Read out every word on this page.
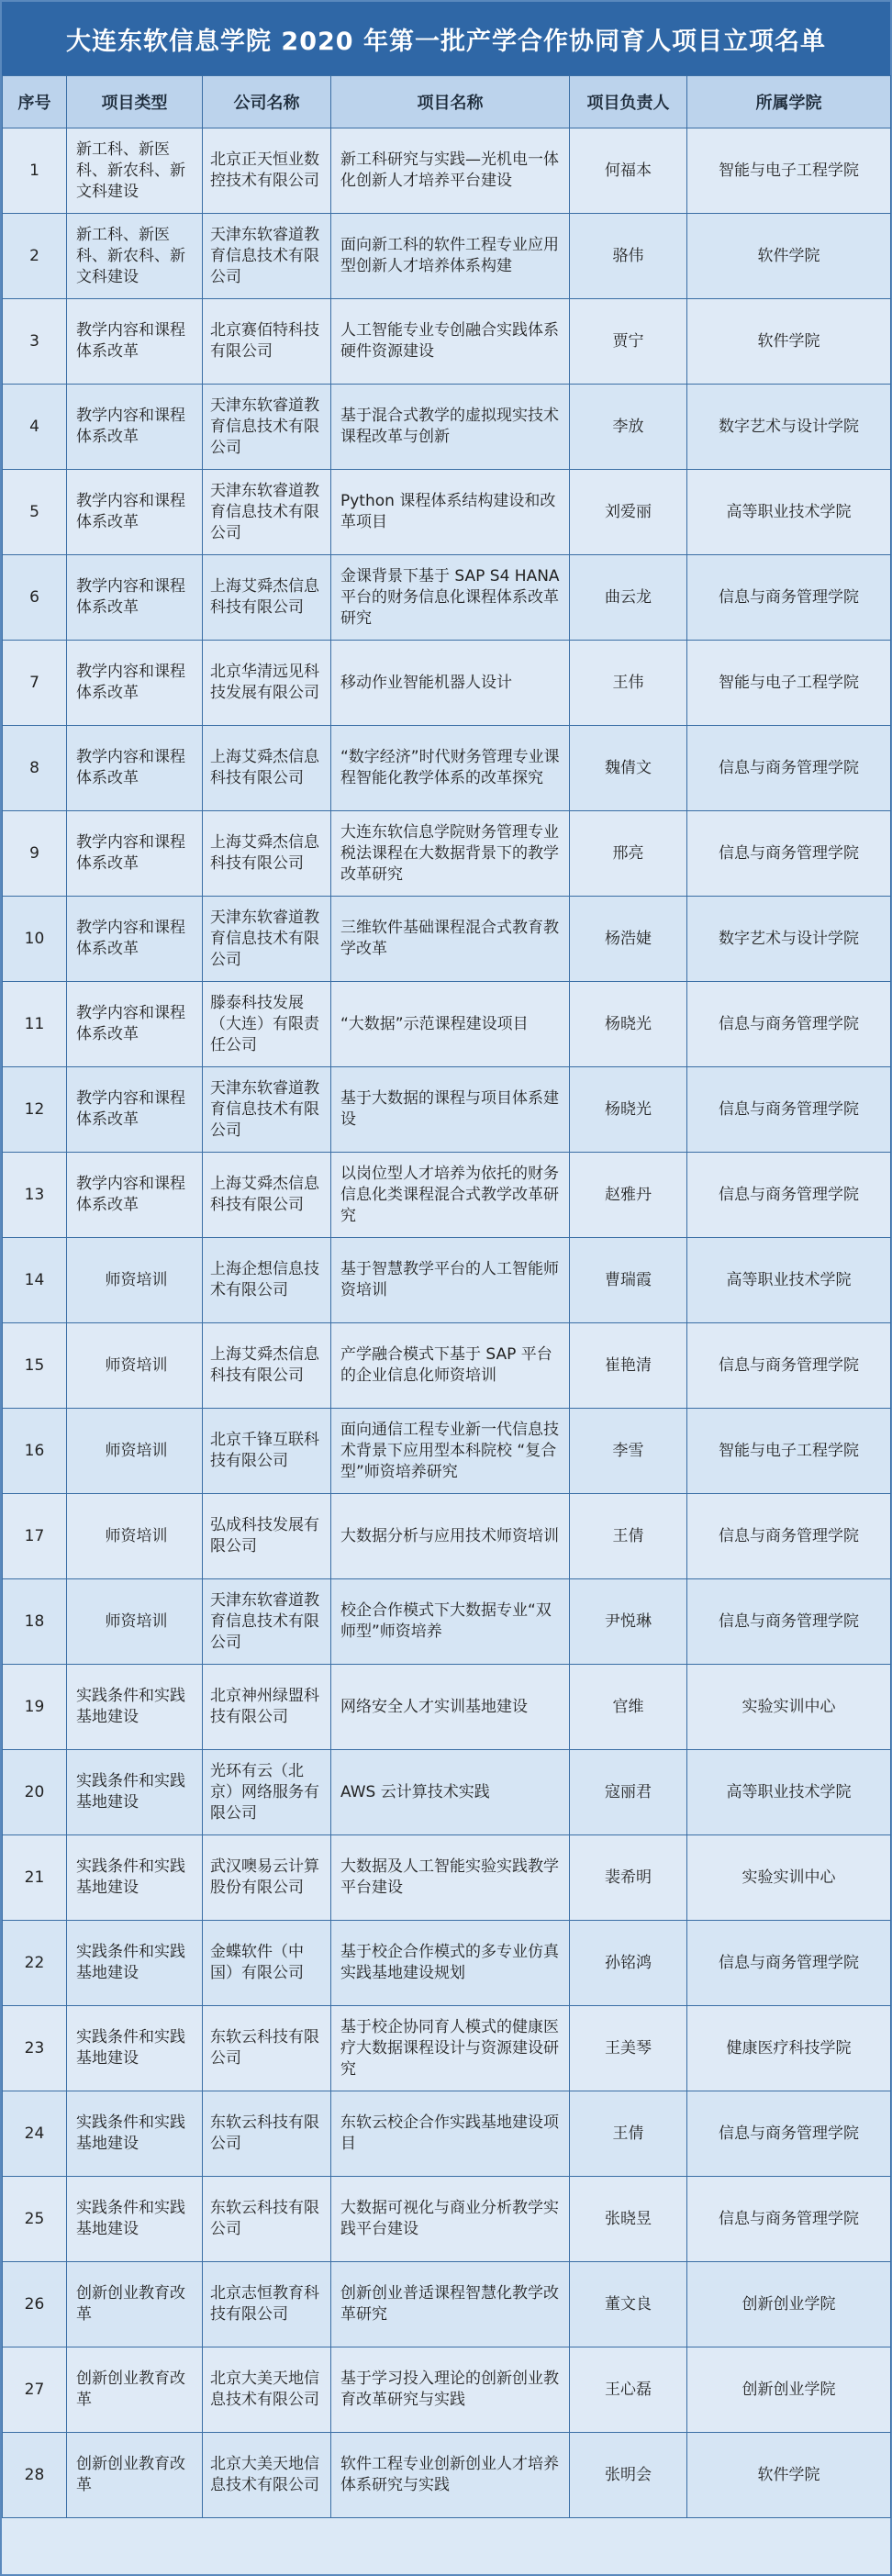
大连东软信息学院 2020 年第一批产学合作协同育人项目立项名单
序号	项目类型	公司名称	项目名称	项目负责人	所属学院
1	新工科、新医科、新农科、新文科建设	北京正天恒业数控技术有限公司	新工科研究与实践—光机电一体化创新人才培养平台建设	何福本	智能与电子工程学院
2	新工科、新医科、新农科、新文科建设	天津东软睿道教育信息技术有限公司	面向新工科的软件工程专业应用型创新人才培养体系构建	骆伟	软件学院
3	教学内容和课程体系改革	北京赛佰特科技有限公司	人工智能专业专创融合实践体系硬件资源建设	贾宁	软件学院
4	教学内容和课程体系改革	天津东软睿道教育信息技术有限公司	基于混合式教学的虚拟现实技术课程改革与创新	李放	数字艺术与设计学院
5	教学内容和课程体系改革	天津东软睿道教育信息技术有限公司	Python 课程体系结构建设和改革项目	刘爱丽	高等职业技术学院
6	教学内容和课程体系改革	上海艾舜杰信息科技有限公司	金课背景下基于 SAP S4 HANA 平台的财务信息化课程体系改革研究	曲云龙	信息与商务管理学院
7	教学内容和课程体系改革	北京华清远见科技发展有限公司	移动作业智能机器人设计	王伟	智能与电子工程学院
8	教学内容和课程体系改革	上海艾舜杰信息科技有限公司	“数字经济”时代财务管理专业课程智能化教学体系的改革探究	魏倩文	信息与商务管理学院
9	教学内容和课程体系改革	上海艾舜杰信息科技有限公司	大连东软信息学院财务管理专业税法课程在大数据背景下的教学改革研究	邢亮	信息与商务管理学院
10	教学内容和课程体系改革	天津东软睿道教育信息技术有限公司	三维软件基础课程混合式教育教学改革	杨浩婕	数字艺术与设计学院
11	教学内容和课程体系改革	滕泰科技发展（大连）有限责任公司	“大数据”示范课程建设项目	杨晓光	信息与商务管理学院
12	教学内容和课程体系改革	天津东软睿道教育信息技术有限公司	基于大数据的课程与项目体系建设	杨晓光	信息与商务管理学院
13	教学内容和课程体系改革	上海艾舜杰信息科技有限公司	以岗位型人才培养为依托的财务信息化类课程混合式教学改革研究	赵雅丹	信息与商务管理学院
14	师资培训	上海企想信息技术有限公司	基于智慧教学平台的人工智能师资培训	曹瑞霞	高等职业技术学院
15	师资培训	上海艾舜杰信息科技有限公司	产学融合模式下基于 SAP 平台的企业信息化师资培训	崔艳清	信息与商务管理学院
16	师资培训	北京千锋互联科技有限公司	面向通信工程专业新一代信息技术背景下应用型本科院校 “复合型”师资培养研究	李雪	智能与电子工程学院
17	师资培训	弘成科技发展有限公司	大数据分析与应用技术师资培训	王倩	信息与商务管理学院
18	师资培训	天津东软睿道教育信息技术有限公司	校企合作模式下大数据专业“双师型”师资培养	尹悦琳	信息与商务管理学院
19	实践条件和实践基地建设	北京神州绿盟科技有限公司	网络安全人才实训基地建设	官维	实验实训中心
20	实践条件和实践基地建设	光环有云（北京）网络服务有限公司	AWS 云计算技术实践	寇丽君	高等职业技术学院
21	实践条件和实践基地建设	武汉噢易云计算股份有限公司	大数据及人工智能实验实践教学平台建设	裴希明	实验实训中心
22	实践条件和实践基地建设	金蝶软件（中国）有限公司	基于校企合作模式的多专业仿真实践基地建设规划	孙铭鸿	信息与商务管理学院
23	实践条件和实践基地建设	东软云科技有限公司	基于校企协同育人模式的健康医疗大数据课程设计与资源建设研究	王美琴	健康医疗科技学院
24	实践条件和实践基地建设	东软云科技有限公司	东软云校企合作实践基地建设项目	王倩	信息与商务管理学院
25	实践条件和实践基地建设	东软云科技有限公司	大数据可视化与商业分析教学实践平台建设	张晓昱	信息与商务管理学院
26	创新创业教育改革	北京志恒教育科技有限公司	创新创业普适课程智慧化教学改革研究	董文良	创新创业学院
27	创新创业教育改革	北京大美天地信息技术有限公司	基于学习投入理论的创新创业教育改革研究与实践	王心磊	创新创业学院
28	创新创业教育改革	北京大美天地信息技术有限公司	软件工程专业创新创业人才培养体系研究与实践	张明会	软件学院
